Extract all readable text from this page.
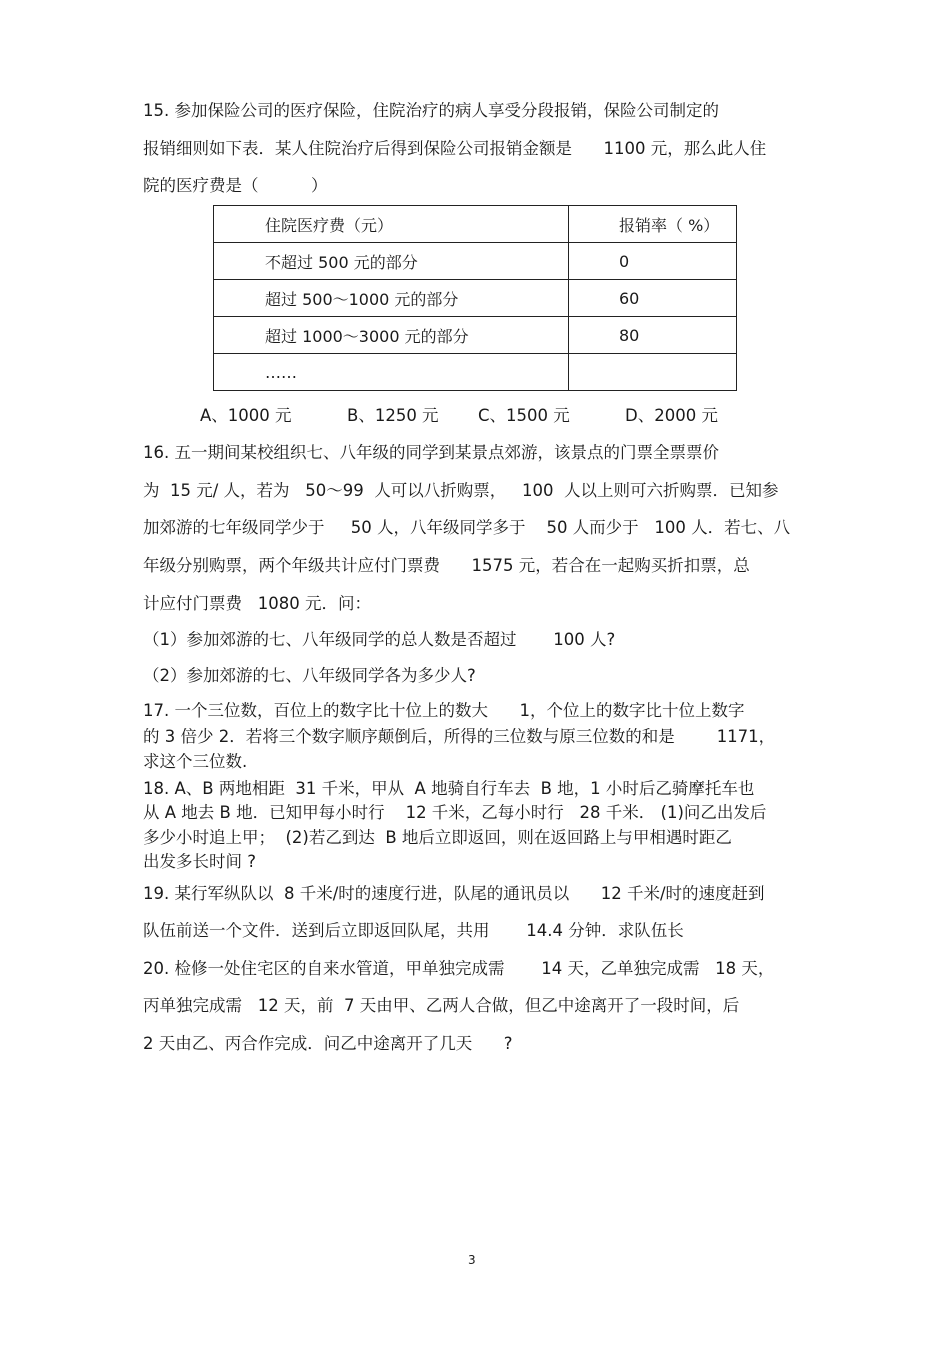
15. 参加保险公司的医疗保险，住院治疗的病人享受分段报销，保险公司制定的
报销细则如下表．某人住院治疗后得到保险公司报销金额是      1100 元，那么此人住
院的医疗费是（          ）
住院医疗费（元）	报销率（ %）
不超过 500 元的部分	0
超过 500～1000 元的部分	60
超过 1000～3000 元的部分	80
……	
A、1000 元	B、1250 元 C、1500 元	D、2000 元
16. 五一期间某校组织七、八年级的同学到某景点郊游，该景点的门票全票票价
为  15 元/ 人，若为   50～99  人可以八折购票，   100  人以上则可六折购票．已知参
加郊游的七年级同学少于     50 人，八年级同学多于    50 人而少于   100 人．若七、八
年级分别购票，两个年级共计应付门票费      1575 元，若合在一起购买折扣票，总
计应付门票费   1080 元．问：
（1）参加郊游的七、八年级同学的总人数是否超过       100 人?
（2）参加郊游的七、八年级同学各为多少人?
17. 一个三位数，百位上的数字比十位上的数大      1，个位上的数字比十位上数字
的 3 倍少 2．若将三个数字顺序颠倒后，所得的三位数与原三位数的和是        1171，
求这个三位数.
18. A、B 两地相距  31 千米，甲从  A 地骑自行车去  B 地，1 小时后乙骑摩托车也
从 A 地去 B 地．已知甲每小时行    12 千米，乙每小时行   28 千米． (1)问乙出发后
多少小时追上甲；  (2)若乙到达  B 地后立即返回，则在返回路上与甲相遇时距乙
出发多长时间 ?
19. 某行军纵队以  8 千米/时的速度行进，队尾的通讯员以      12 千米/时的速度赶到
队伍前送一个文件．送到后立即返回队尾，共用       14.4 分钟．求队伍长
20. 检修一处住宅区的自来水管道，甲单独完成需       14 天，乙单独完成需   18 天，
丙单独完成需   12 天，前  7 天由甲、乙两人合做，但乙中途离开了一段时间，后
2 天由乙、丙合作完成．问乙中途离开了几天      ?
3
